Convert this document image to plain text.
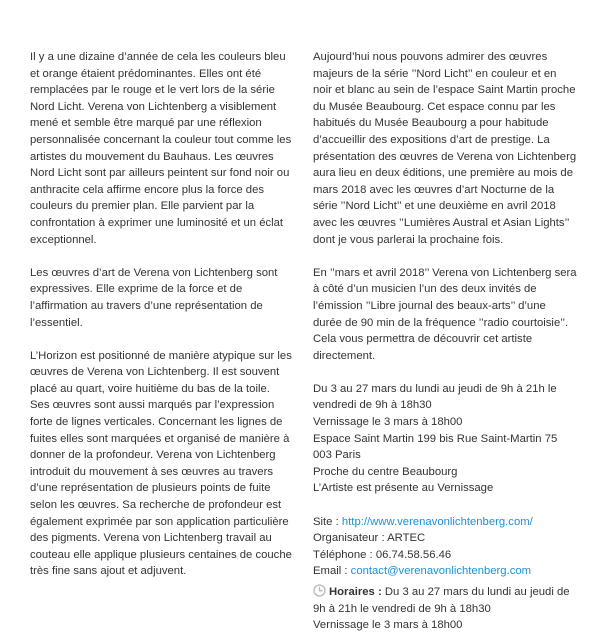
Il y a une dizaine d’année de cela les couleurs bleu et orange étaient prédominantes. Elles ont été remplacées par le rouge et le vert lors de la série Nord Licht. Verena von Lichtenberg a visiblement mené et semble être marqué par une réflexion personnalisée concernant la couleur tout comme les artistes du mouvement du Bauhaus. Les œuvres Nord Licht sont par ailleurs peintent sur fond noir ou anthracite cela affirme encore plus la force des couleurs du premier plan. Elle parvient par la confrontation à exprimer une luminosité et un éclat exceptionnel.

Les œuvres d’art de Verena von Lichtenberg sont expressives. Elle exprime de la force et de l’affirmation au travers d’une représentation de l’essentiel.

L’Horizon est positionné de manière atypique sur les œuvres de Verena von Lichtenberg. Il est souvent placé au quart, voire huitième du bas de la toile. Ses œuvres sont aussi marqués par l’expression forte de lignes verticales. Concernant les lignes de fuites elles sont marquées et organisé de manière à donner de la profondeur. Verena von Lichtenberg introduit du mouvement à ses œuvres au travers d’une représentation de plusieurs points de fuite selon les œuvres. Sa recherche de profondeur est également exprimée par son application particulière des pigments. Verena von Lichtenberg travail au couteau elle applique plusieurs centaines de couche très fine sans ajout et adjuvent.

Aujourd’hui nous pouvons admirer des œuvres majeurs de la série ’’Nord Licht’’ en couleur et en noir et blanc au sein de l’espace Saint Martin proche du Musée Beaubourg. Cet espace connu par les habitués du Musée Beaubourg a pour habitude d’accueillir des expositions d’art de prestige. La présentation des œuvres de Verena von Lichtenberg aura lieu en deux éditions, une première au mois de mars 2018 avec les œuvres d’art Nocturne de la série ’’Nord Licht’’ et une deuxième en avril 2018 avec les œuvres ’’Lumières Austral et Asian Lights’’ dont je vous parlerai la prochaine fois.

En ’’mars et avril 2018’’ Verena von Lichtenberg sera à côté d’un musicien l’un des deux invités de l’émission ’’Libre journal des beaux-arts’’ d’une durée de 90 min de la fréquence ’’radio courtoisie’’. Cela vous permettra de découvrir cet artiste directement.

Du 3 au 27 mars du lundi au jeudi de 9h à 21h le vendredi de 9h à 18h30

Vernissage le 3 mars à 18h00

Espace Saint Martin 199 bis Rue Saint-Martin 75 003 Paris

Proche du centre Beaubourg

L’Artiste est présente au Vernissage

Site : http://www.verenavonlichtenberg.com/

Organisateur : ARTEC

Téléphone : 06.74.58.56.46

Email : contact@verenavonlichtenberg.com

Horaires : Du 3 au 27 mars du lundi au jeudi de 9h à 21h le vendredi de 9h à 18h30

Vernissage le 3 mars à 18h00
